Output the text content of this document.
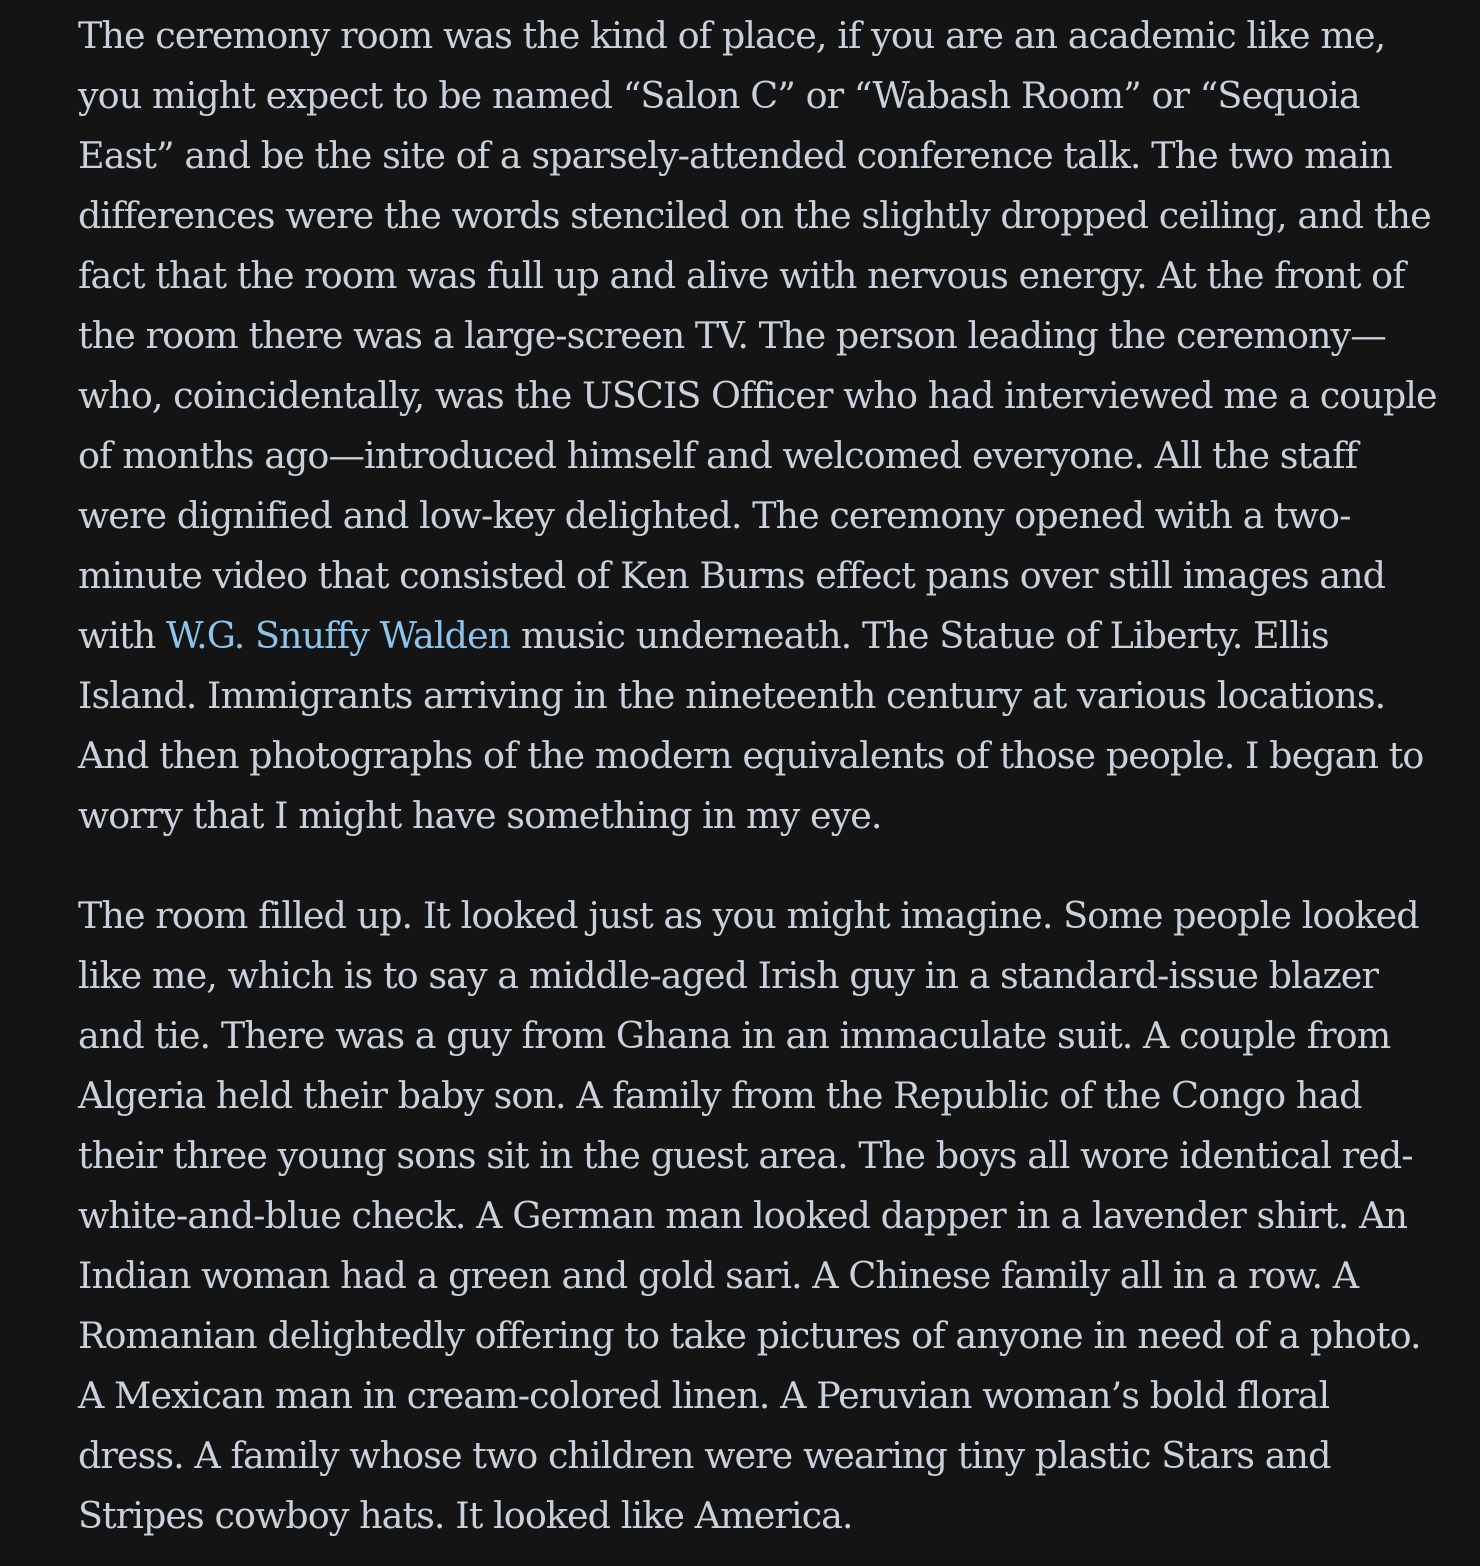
The ceremony room was the kind of place, if you are an academic like me,
you might expect to be named “Salon C” or “Wabash Room” or “Sequoia
East” and be the site of a sparsely-attended conference talk. The two main
differences were the words stenciled on the slightly dropped ceiling, and the
fact that the room was full up and alive with nervous energy. At the front of
the room there was a large-screen TV. The person leading the ceremony—
who, coincidentally, was the USCIS Officer who had interviewed me a couple
of months ago—introduced himself and welcomed everyone. All the staff
were dignified and low-key delighted. The ceremony opened with a two-
minute video that consisted of Ken Burns effect pans over still images and
with W.G. Snuffy Walden music underneath. The Statue of Liberty. Ellis
Island. Immigrants arriving in the nineteenth century at various locations.
And then photographs of the modern equivalents of those people. I began to
worry that I might have something in my eye.

The room filled up. It looked just as you might imagine. Some people looked
like me, which is to say a middle-aged Irish guy in a standard-issue blazer
and tie. There was a guy from Ghana in an immaculate suit. A couple from
Algeria held their baby son. A family from the Republic of the Congo had
their three young sons sit in the guest area. The boys all wore identical red-
white-and-blue check. A German man looked dapper in a lavender shirt. An
Indian woman had a green and gold sari. A Chinese family all in a row. A
Romanian delightedly offering to take pictures of anyone in need of a photo.
A Mexican man in cream-colored linen. A Peruvian woman’s bold floral
dress. A family whose two children were wearing tiny plastic Stars and
Stripes cowboy hats. It looked like America.
